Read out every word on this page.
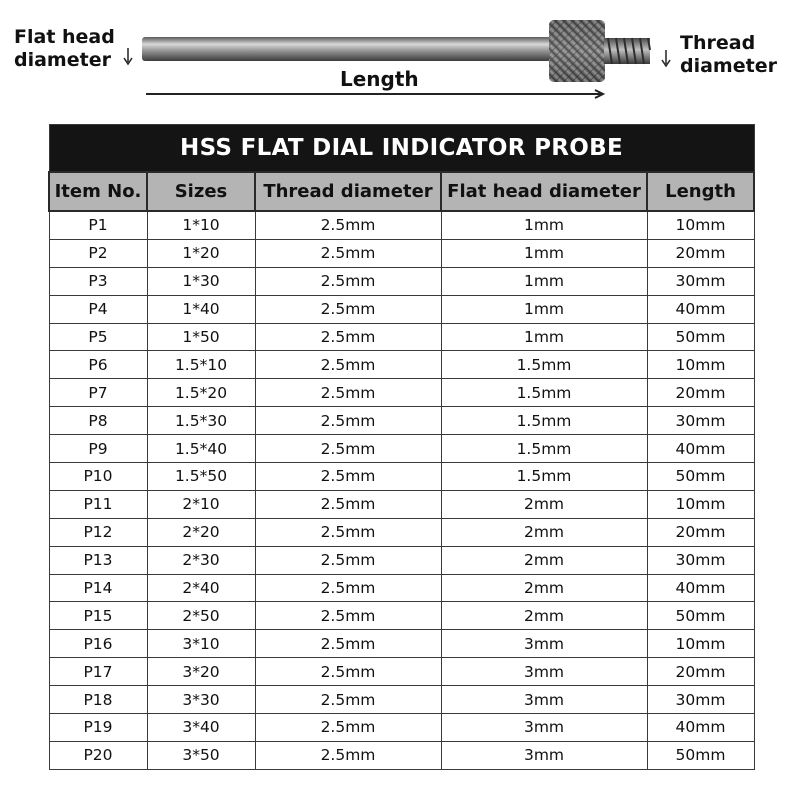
Flat head
diameter
Thread
diameter
Length
HSS FLAT DIAL INDICATOR PROBE				
Item No.	Sizes	Thread diameter	Flat head diameter	Length
P1	1*10	2.5mm	1mm	10mm
P2	1*20	2.5mm	1mm	20mm
P3	1*30	2.5mm	1mm	30mm
P4	1*40	2.5mm	1mm	40mm
P5	1*50	2.5mm	1mm	50mm
P6	1.5*10	2.5mm	1.5mm	10mm
P7	1.5*20	2.5mm	1.5mm	20mm
P8	1.5*30	2.5mm	1.5mm	30mm
P9	1.5*40	2.5mm	1.5mm	40mm
P10	1.5*50	2.5mm	1.5mm	50mm
P11	2*10	2.5mm	2mm	10mm
P12	2*20	2.5mm	2mm	20mm
P13	2*30	2.5mm	2mm	30mm
P14	2*40	2.5mm	2mm	40mm
P15	2*50	2.5mm	2mm	50mm
P16	3*10	2.5mm	3mm	10mm
P17	3*20	2.5mm	3mm	20mm
P18	3*30	2.5mm	3mm	30mm
P19	3*40	2.5mm	3mm	40mm
P20	3*50	2.5mm	3mm	50mm
